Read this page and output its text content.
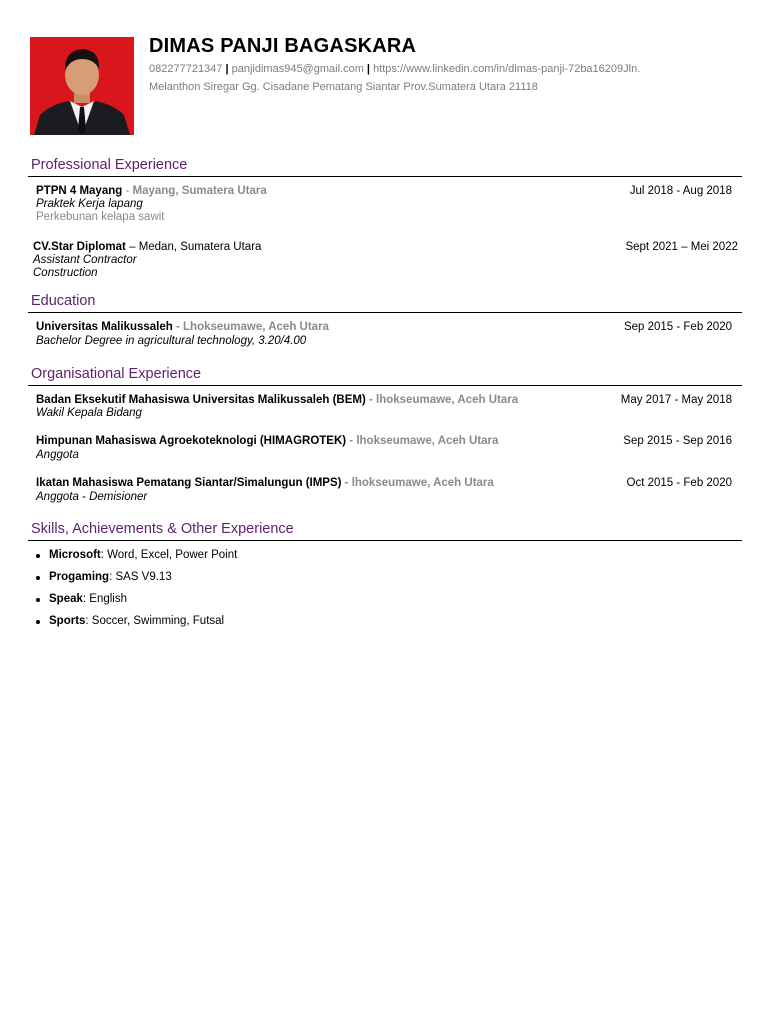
DIMAS PANJI BAGASKARA
082277721347 | panjidimas945@gmail.com | https://www.linkedin.com/in/dimas-panji-72ba16209Jln.
Melanthon Siregar Gg. Cisadane Pematang Siantar Prov.Sumatera Utara 21118
Professional Experience
PTPN 4 Mayang - Mayang, Sumatera Utara	Jul 2018 - Aug 2018
Praktek Kerja lapang
Perkebunan kelapa sawit
CV.Star Diplomat – Medan, Sumatera Utara	Sept 2021 – Mei 2022
Assistant Contractor
Construction
Education
Universitas Malikussaleh - Lhokseumawe, Aceh Utara	Sep 2015 - Feb 2020
Bachelor Degree in agricultural technology, 3.20/4.00
Organisational Experience
Badan Eksekutif Mahasiswa Universitas Malikussaleh (BEM) - lhokseumawe, Aceh Utara	May 2017 - May 2018
Wakil Kepala Bidang
Himpunan Mahasiswa Agroekoteknologi (HIMAGROTEK) - lhokseumawe, Aceh Utara	Sep 2015 - Sep 2016
Anggota
Ikatan Mahasiswa Pematang Siantar/Simalungun (IMPS) - lhokseumawe, Aceh Utara	Oct 2015 - Feb 2020
Anggota - Demisioner
Skills, Achievements & Other Experience
Microsoft: Word, Excel, Power Point
Progaming: SAS V9.13
Speak: English
Sports: Soccer, Swimming, Futsal
